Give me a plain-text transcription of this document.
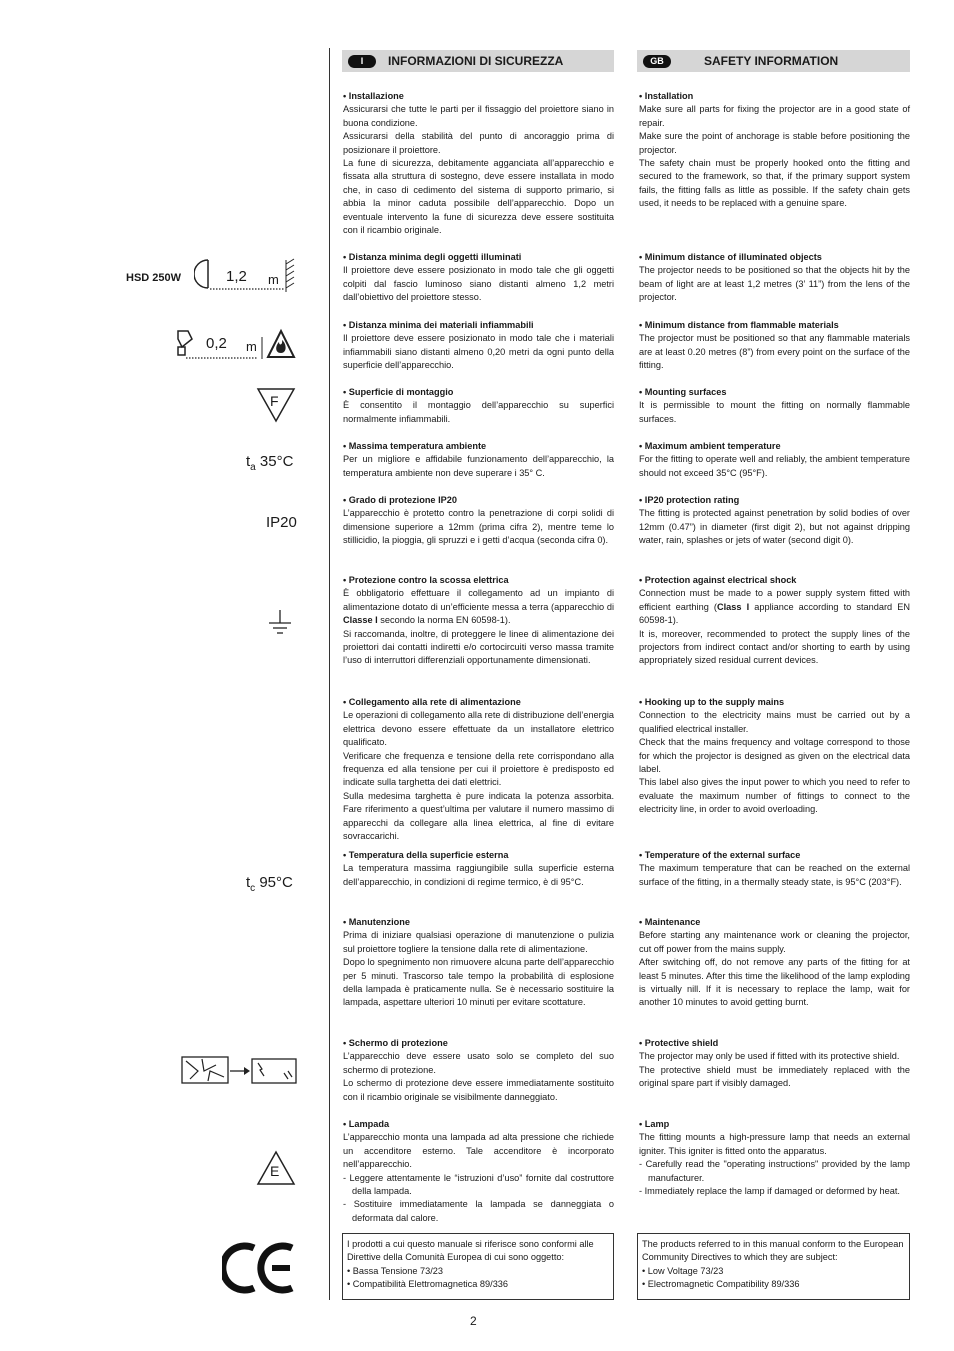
HSD 250W	1,2 m
0,2 m
F
$t_a$ 35°C
IP20
$t_c$ 95°C
E
I	INFORMAZIONI DI SICUREZZA
• Installazione

Assicurarsi che tutte le parti per il fissaggio del proiettore siano in buona condizione.

Assicurarsi della stabilità del punto di ancoraggio prima di posizionare il proiettore.

La fune di sicurezza, debitamente agganciata all’apparecchio e fissata alla struttura di sostegno, deve essere installata in modo che, in caso di cedimento del sistema di supporto primario, si abbia la minor caduta possibile dell’apparecchio. Dopo un eventuale intervento la fune di sicurezza deve essere sostituita con il ricambio originale.

• Distanza minima degli oggetti illuminati

Il proiettore deve essere posizionato in modo tale che gli oggetti colpiti dal fascio luminoso siano distanti almeno 1,2 metri dall’obiettivo del proiettore stesso.

• Distanza minima dei materiali infiammabili

Il proiettore deve essere posizionato in modo tale che i materiali infiammabili siano distanti almeno 0,20 metri da ogni punto della superficie dell’apparecchio.

• Superficie di montaggio

È consentito il montaggio dell’apparecchio su superfici normalmente infiammabili.

• Massima temperatura ambiente

Per un migliore e affidabile funzionamento dell’apparecchio, la temperatura ambiente non deve superare i 35° C.

• Grado di protezione IP20

L’apparecchio è protetto contro la penetrazione di corpi solidi di dimensione superiore a 12mm (prima cifra 2), mentre teme lo stillicidio, la pioggia, gli spruzzi e i getti d’acqua (seconda cifra 0).

• Protezione contro la scossa elettrica

È obbligatorio effettuare il collegamento ad un impianto di alimentazione dotato di un’efficiente messa a terra (apparecchio di Classe I secondo la norma EN 60598-1).

Si raccomanda, inoltre, di proteggere le linee di alimentazione dei proiettori dai contatti indiretti e/o cortocircuiti verso massa tramite l’uso di interruttori differenziali opportunamente dimensionati.

• Collegamento alla rete di alimentazione

Le operazioni di collegamento alla rete di distribuzione dell’energia elettrica devono essere effettuate da un installatore elettrico qualificato.

Verificare che frequenza e tensione della rete corrispondano alla frequenza ed alla tensione per cui il proiettore è predisposto ed indicate sulla targhetta dei dati elettrici.

Sulla medesima targhetta è pure indicata la potenza assorbita. Fare riferimento a quest’ultima per valutare il numero massimo di apparecchi da collegare alla linea elettrica, al fine di evitare sovraccarichi.

• Temperatura della superficie esterna

La temperatura massima raggiungibile sulla superficie esterna dell’apparecchio, in condizioni di regime termico, è di 95°C.

• Manutenzione

Prima di iniziare qualsiasi operazione di manutenzione o pulizia sul proiettore togliere la tensione dalla rete di alimentazione.

Dopo lo spegnimento non rimuovere alcuna parte dell’apparecchio per 5 minuti. Trascorso tale tempo la probabilità di esplosione della lampada è praticamente nulla. Se è necessario sostituire la lampada, aspettare ulteriori 10 minuti per evitare scottature.

• Schermo di protezione

L’apparecchio deve essere usato solo se completo del suo schermo di protezione.

Lo schermo di protezione deve essere immediatamente sostituito con il ricambio originale se visibilmente danneggiato.

• Lampada

L’apparecchio monta una lampada ad alta pressione che richiede un accenditore esterno. Tale accenditore è incorporato nell’apparecchio.

- Leggere attentamente le “istruzioni d’uso” fornite dal costruttore della lampada.
- Sostituire immediatamente la lampada se danneggiata o deformata dal calore.

I prodotti a cui questo manuale si riferisce sono conformi alle Direttive della Comunità Europea di cui sono oggetto:

• Bassa Tensione 73/23

• Compatibilità Elettromagnetica 89/336

GB	SAFETY INFORMATION
• Installation

Make sure all parts for fixing the projector are in a good state of repair.

Make sure the point of anchorage is stable before positioning the projector.

The safety chain must be properly hooked onto the fitting and secured to the framework, so that, if the primary support system fails, the fitting falls as little as possible. If the safety chain gets used, it needs to be replaced with a genuine spare.

• Minimum distance of illuminated objects

The projector needs to be positioned so that the objects hit by the beam of light are at least 1,2 metres (3’ 11”) from the lens of the projector.

• Minimum distance from flammable materials

The projector must be positioned so that any flammable materials are at least 0.20 metres (8”) from every point on the surface of the fitting.

• Mounting surfaces

It is permissible to mount the fitting on normally flammable surfaces.

• Maximum ambient temperature

For the fitting to operate well and reliably, the ambient temperature should not exceed 35°C (95°F).

• IP20 protection rating

The fitting is protected against penetration by solid bodies of over 12mm (0.47”) in diameter (first digit 2), but not against dripping water, rain, splashes or jets of water (second digit 0).

• Protection against electrical shock

Connection must be made to a power supply system fitted with efficient earthing (Class I appliance according to standard EN 60598-1).

It is, moreover, recommended to protect the supply lines of the projectors from indirect contact and/or shorting to earth by using appropriately sized residual current devices.

• Hooking up to the supply mains

Connection to the electricity mains must be carried out by a qualified electrical installer.

Check that the mains frequency and voltage correspond to those for which the projector is designed as given on the electrical data label.

This label also gives the input power to which you need to refer to evaluate the maximum number of fittings to connect to the electricity line, in order to avoid overloading.

• Temperature of the external surface

The maximum temperature that can be reached on the external surface of the fitting, in a thermally steady state, is 95°C (203°F).

• Maintenance

Before starting any maintenance work or cleaning the projector, cut off power from the mains supply.

After switching off, do not remove any parts of the fitting for at least 5 minutes. After this time the likelihood of the lamp exploding is virtually nill. If it is necessary to replace the lamp, wait for another 10 minutes to avoid getting burnt.

• Protective shield

The projector may only be used if fitted with its protective shield.

The protective shield must be immediately replaced with the original spare part if visibly damaged.

• Lamp

The fitting mounts a high-pressure lamp that needs an external igniter. This igniter is fitted onto the apparatus.

- Carefully read the "operating instructions" provided by the lamp manufacturer.
- Immediately replace the lamp if damaged or deformed by heat.

The products referred to in this manual conform to the European Community Directives to which they are subject:

• Low Voltage 73/23

• Electromagnetic Compatibility 89/336

2
